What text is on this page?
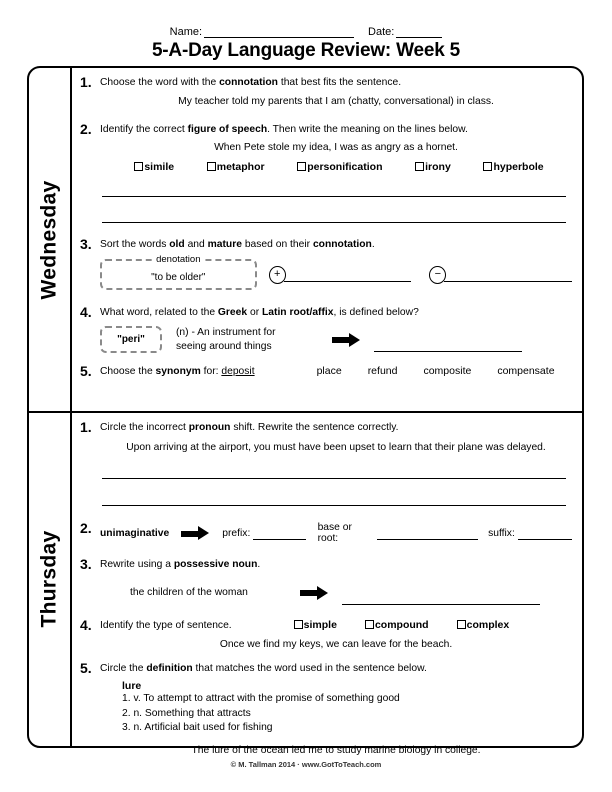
Name:	Date:
5-A-Day Language Review: Week 5
Wednesday
1. Choose the word with the connotation that best fits the sentence.
My teacher told my parents that I am (chatty, conversational) in class.
2. Identify the correct figure of speech. Then write the meaning on the lines below.
When Pete stole my idea, I was as angry as a hornet.
simile	metaphor	personification	irony	hyperbole
3. Sort the words old and mature based on their connotation.
denotation
"to be older"	+	−
4. What word, related to the Greek or Latin root/affix, is defined below?
"peri"
(n) - An instrument for
seeing around things
5. Choose the synonym for: deposit	place refund composite compensate
Thursday
1. Circle the incorrect pronoun shift. Rewrite the sentence correctly.
Upon arriving at the airport, you must have been upset to learn that their plane was delayed.
2. unimaginative	prefix:	base or root:	suffix:
3. Rewrite using a possessive noun.
the children of the woman
4. Identify the type of sentence.	simple	compound	complex
Once we find my keys, we can leave for the beach.
5. Circle the definition that matches the word used in the sentence below.
lure
1. v. To attempt to attract with the promise of something good
2. n. Something that attracts
3. n. Artificial bait used for fishing
The lure of the ocean led me to study marine biology in college.
© M. Tallman 2014 · www.GotToTeach.com
